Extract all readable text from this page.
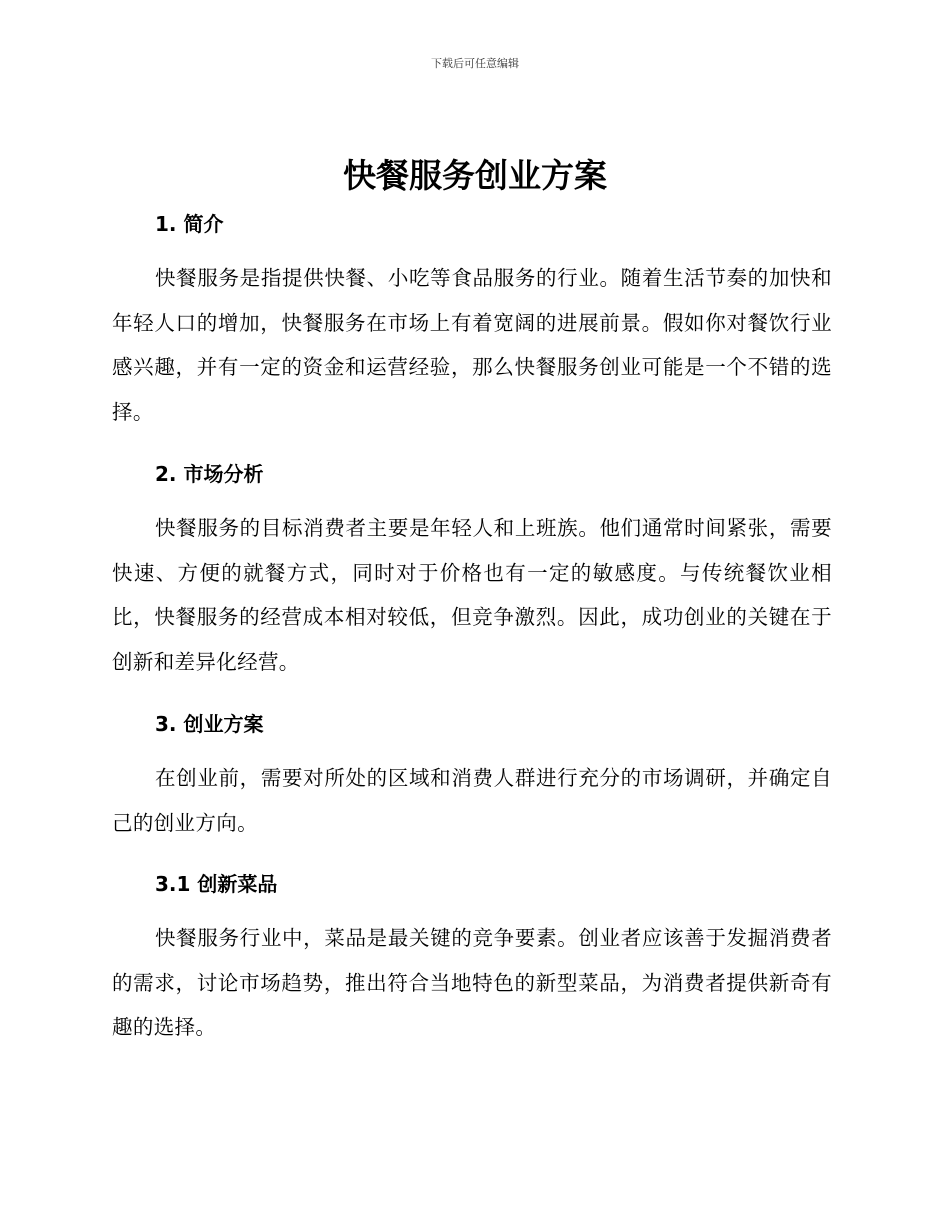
下载后可任意编辑
快餐服务创业方案
1. 简介

快餐服务是指提供快餐、小吃等食品服务的行业。随着生活节奏的加快和年轻人口的增加，快餐服务在市场上有着宽阔的进展前景。假如你对餐饮行业感兴趣，并有一定的资金和运营经验，那么快餐服务创业可能是一个不错的选择。

2. 市场分析

快餐服务的目标消费者主要是年轻人和上班族。他们通常时间紧张，需要快速、方便的就餐方式，同时对于价格也有一定的敏感度。与传统餐饮业相比，快餐服务的经营成本相对较低，但竞争激烈。因此，成功创业的关键在于创新和差异化经营。

3. 创业方案

在创业前，需要对所处的区域和消费人群进行充分的市场调研，并确定自己的创业方向。

3.1 创新菜品

快餐服务行业中，菜品是最关键的竞争要素。创业者应该善于发掘消费者的需求，讨论市场趋势，推出符合当地特色的新型菜品，为消费者提供新奇有趣的选择。
